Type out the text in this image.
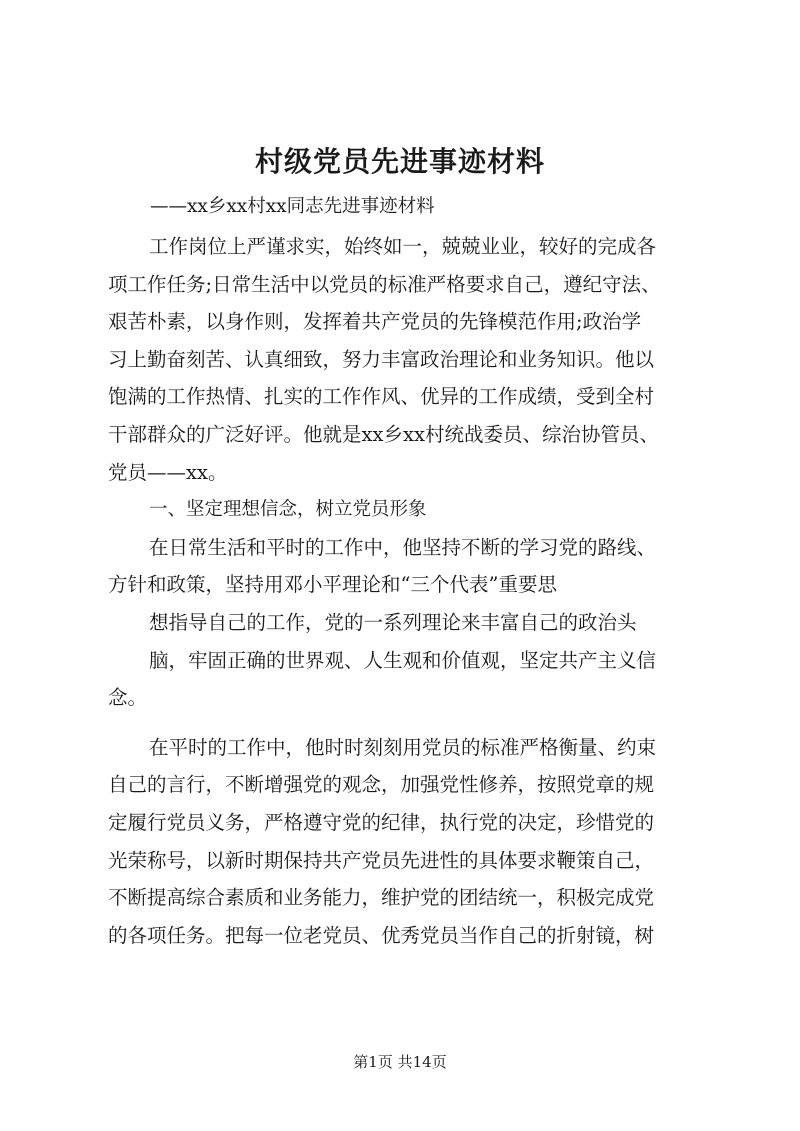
村级党员先进事迹材料
——xx乡xx村xx同志先进事迹材料

工作岗位上严谨求实，始终如一，兢兢业业，较好的完成各
项工作任务;日常生活中以党员的标准严格要求自己，遵纪守法、
艰苦朴素，以身作则，发挥着共产党员的先锋模范作用;政治学
习上勤奋刻苦、认真细致，努力丰富政治理论和业务知识。他以
饱满的工作热情、扎实的工作作风、优异的工作成绩，受到全村
干部群众的广泛好评。他就是xx乡xx村统战委员、综治协管员、
党员——xx。

一、坚定理想信念，树立党员形象

在日常生活和平时的工作中，他坚持不断的学习党的路线、
方针和政策，坚持用邓小平理论和“三个代表”重要思

想指导自己的工作，党的一系列理论来丰富自己的政治头

脑，牢固正确的世界观、人生观和价值观，坚定共产主义信
念。

在平时的工作中，他时时刻刻用党员的标准严格衡量、约束
自己的言行，不断增强党的观念，加强党性修养，按照党章的规
定履行党员义务，严格遵守党的纪律，执行党的决定，珍惜党的
光荣称号，以新时期保持共产党员先进性的具体要求鞭策自己，
不断提高综合素质和业务能力，维护党的团结统一，积极完成党
的各项任务。把每一位老党员、优秀党员当作自己的折射镜，树

第1页 共14页
